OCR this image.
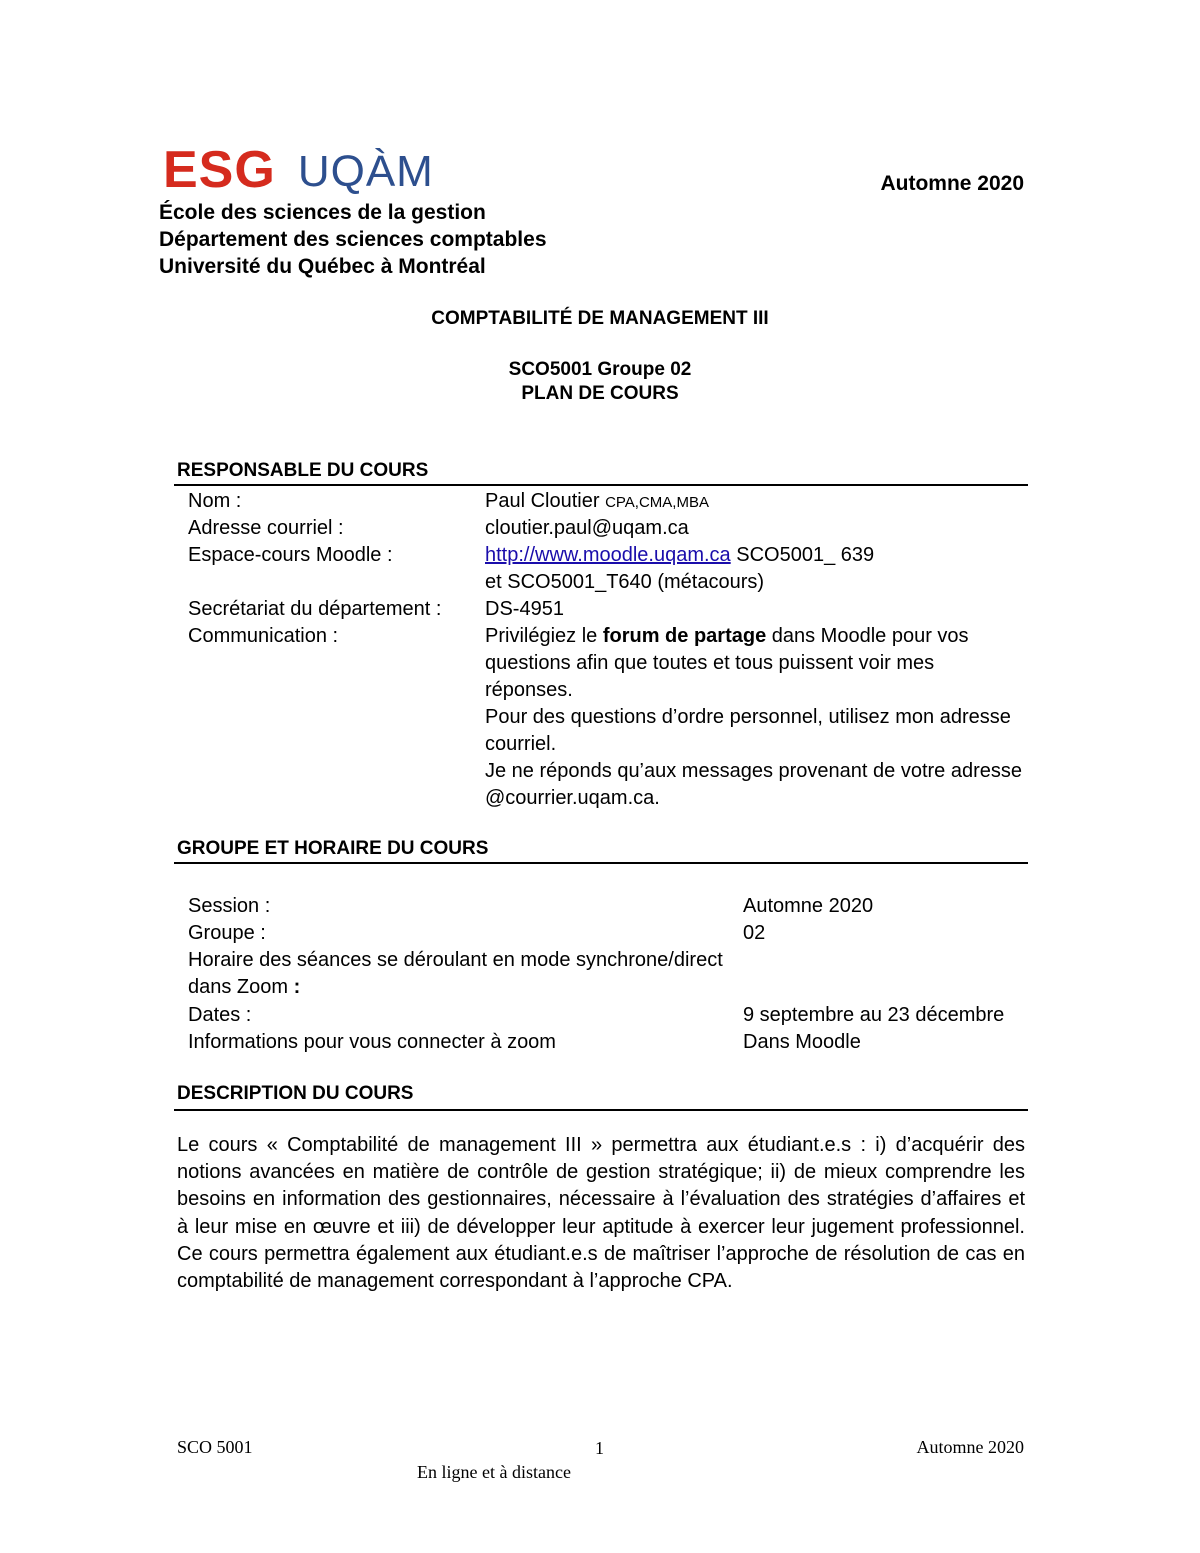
ESG UQÀM	Automne 2020
École des sciences de la gestion
Département des sciences comptables
Université du Québec à Montréal
COMPTABILITÉ DE MANAGEMENT III
SCO5001 Groupe 02
PLAN DE COURS
RESPONSABLE DU COURS
Nom :	Paul Cloutier CPA,CMA,MBA
Adresse courriel :	cloutier.paul@uqam.ca
Espace-cours Moodle :	http://www.moodle.uqam.ca SCO5001_ 639
et SCO5001_T640 (métacours)
Secrétariat du département : DS-4951
Communication :	Privilégiez le forum de partage dans Moodle pour vos
questions afin que toutes et tous puissent voir mes réponses.
Pour des questions d’ordre personnel, utilisez mon adresse
courriel.
Je ne réponds qu’aux messages provenant de votre adresse
@courrier.uqam.ca.
GROUPE ET HORAIRE DU COURS
Session :	Automne 2020
Groupe :	02
Horaire des séances se déroulant en mode synchrone/direct
dans Zoom :
Dates :	9 septembre au 23 décembre
Informations pour vous connecter à zoom	Dans Moodle
DESCRIPTION DU COURS
Le cours « Comptabilité de management III » permettra aux étudiant.e.s : i) d’acquérir des notions avancées en matière de contrôle de gestion stratégique; ii) de mieux comprendre les besoins en information des gestionnaires, nécessaire à l’évaluation des stratégies d’affaires et à leur mise en œuvre et iii) de développer leur aptitude à exercer leur jugement professionnel. Ce cours permettra également aux étudiant.e.s de maîtriser l’approche de résolution de cas en comptabilité de management correspondant à l’approche CPA.
SCO 5001	1	Automne 2020
En ligne et à distance
